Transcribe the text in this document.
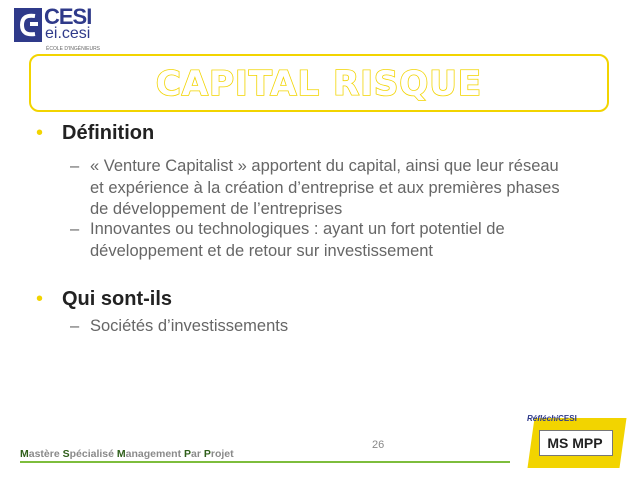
CESI
ei.cesi
ÉCOLE D'INGÉNIEURS
CAPITAL RISQUE
• Définition
– « Venture Capitalist » apportent du capital, ainsi que leur réseau et expérience à la création d’entreprise et aux premières phases de développement de l’entreprises
– Innovantes ou technologiques : ayant un fort potentiel de développement et de retour sur investissement
• Qui sont-ils
– Sociétés d’investissements
Mastère Spécialisé Management Par Projet
26
RéfléchiCESI
MS MPP
